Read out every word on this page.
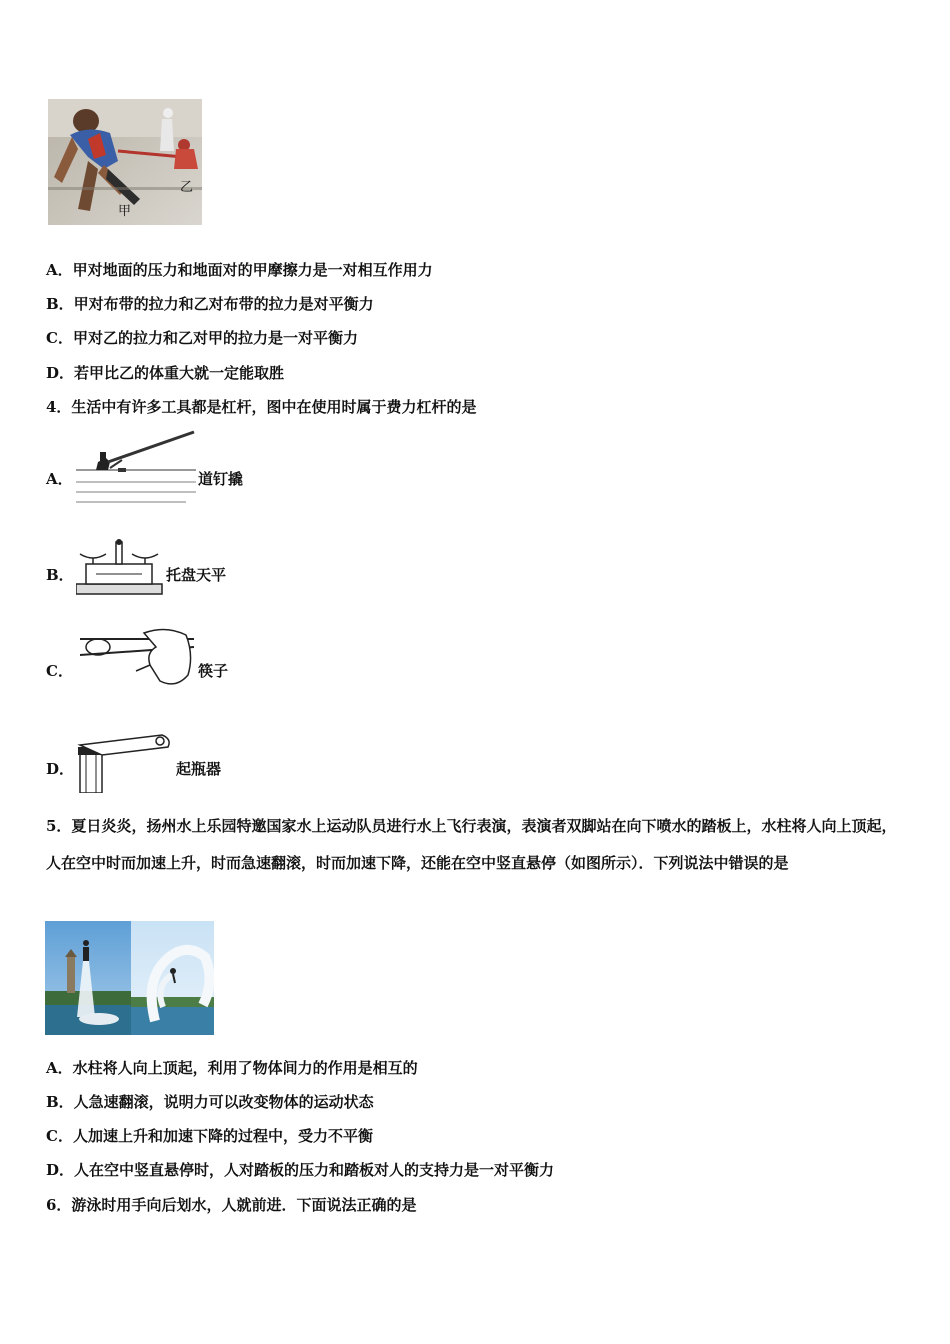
乙
甲
A．甲对地面的压力和地面对的甲摩擦力是一对相互作用力
B．甲对布带的拉力和乙对布带的拉力是对平衡力
C．甲对乙的拉力和乙对甲的拉力是一对平衡力
D．若甲比乙的体重大就一定能取胜
4．生活中有许多工具都是杠杆，图中在使用时属于费力杠杆的是
A．	道钉撬
B．	托盘天平
C．	筷子
D．	起瓶器
5．夏日炎炎，扬州水上乐园特邀国家水上运动队员进行水上飞行表演，表演者双脚站在向下喷水的踏板上，水柱将人向上顶起，人在空中时而加速上升，时而急速翻滚，时而加速下降，还能在空中竖直悬停（如图所示）．下列说法中错误的是
A．水柱将人向上顶起，利用了物体间力的作用是相互的
B．人急速翻滚，说明力可以改变物体的运动状态
C．人加速上升和加速下降的过程中，受力不平衡
D．人在空中竖直悬停时，人对踏板的压力和踏板对人的支持力是一对平衡力
6．游泳时用手向后划水，人就前进．下面说法正确的是
